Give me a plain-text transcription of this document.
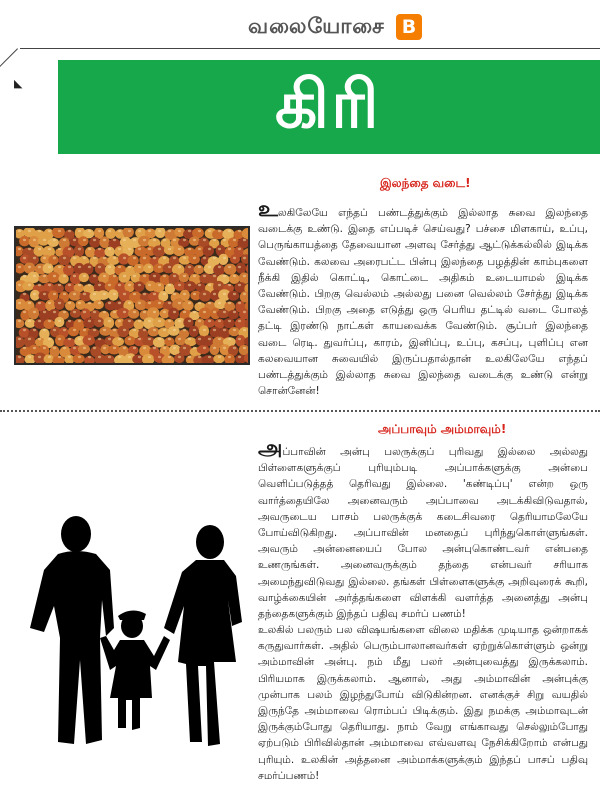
வலையோசை B
◣	கிரி
இலந்தை வடை!

உலகிலேயே எந்தப் பண்டத்துக்கும் இல்லாத சுவை இலந்தை வடைக்கு உண்டு. இதை எப்படிச் செய்வது? பச்சை மிளகாய், உப்பு, பெருங்காயத்தை தேவையான அளவு சேர்த்து ஆட்டுக்கல்லில் இடிக்க வேண்டும். கலவை அரைபட்ட பின்பு இலந்தை பழத்தின் காம்புகளை நீக்கி இதில் கொட்டி, கொட்டை அதிகம் உடையாமல் இடிக்க வேண்டும். பிறகு வெல்லம் அல்லது பனை வெல்லம் சேர்த்து இடிக்க வேண்டும். பிறகு அதை எடுத்து ஒரு பெரிய தட்டில் வடை போலத் தட்டி இரண்டு நாட்கள் காயவைக்க வேண்டும். சூப்பர் இலந்தை வடை ரெடி. துவர்ப்பு, காரம், இனிப்பு, உப்பு, கசப்பு, புளிப்பு என கலவையான சுவையில் இருப்பதால்தான் உலகிலேயே எந்தப் பண்டத்துக்கும் இல்லாத சுவை இலந்தை வடைக்கு உண்டு என்று சொன்னேன்!

அப்பாவும் அம்மாவும்!

அப்பாவின் அன்பு பலருக்குப் புரிவது இல்லை அல்லது பிள்ளைகளுக்குப் புரியும்படி அப்பாக்களுக்கு அன்பை வெளிப்படுத்தத் தெரிவது இல்லை. 'கண்டிப்பு' என்ற ஒரு வார்த்தையிலே அனைவரும் அப்பாவை அடக்கிவிடுவதால், அவருடைய பாசம் பலருக்குக் கடைசிவரை தெரியாமலேயே போய்விடுகிறது. அப்பாவின் மனதைப் புரிந்துகொள்ளுங்கள். அவரும் அன்னையைப் போல அன்புகொண்டவர் என்பதை உணருங்கள். அனைவருக்கும் தந்தை என்பவர் சரியாக அமைந்துவிடுவது இல்லை. தங்கள் பிள்ளைகளுக்கு அறிவுரைக் கூறி, வாழ்க்கையின் அர்த்தங்களை விளக்கி வளர்த்த அனைத்து அன்பு தந்தைகளுக்கும் இந்தப் பதிவு சமர்ப் பணம்!

உலகில் பலரும் பல விஷயங்களை விலை மதிக்க முடியாத ஒன்றாகக் கருதுவார்கள். அதில் பெரும்பாலானவர்கள் ஏற்றுக்கொள்ளும் ஒன்று அம்மாவின் அன்பு. நம் மீது பலர் அன்புவைத்து இருக்கலாம். பிரியமாக இருக்கலாம். ஆனால், அது அம்மாவின் அன்புக்கு முன்பாக பலம் இழந்துபோய் விடுகின்றன. எனக்குச் சிறு வயதில் இருந்தே அம்மாவை ரொம்பப் பிடிக்கும். இது நமக்கு அம்மாவுடன் இருக்கும்போது தெரியாது. நாம் வேறு எங்காவது செல்லும்போது ஏற்படும் பிரிவில்தான் அம்மாவை எவ்வளவு நேசிக்கிறோம் என்பது புரியும். உலகின் அத்தனை அம்மாக்களுக்கும் இந்தப் பாசப் பதிவு சமர்ப்பணம்!
